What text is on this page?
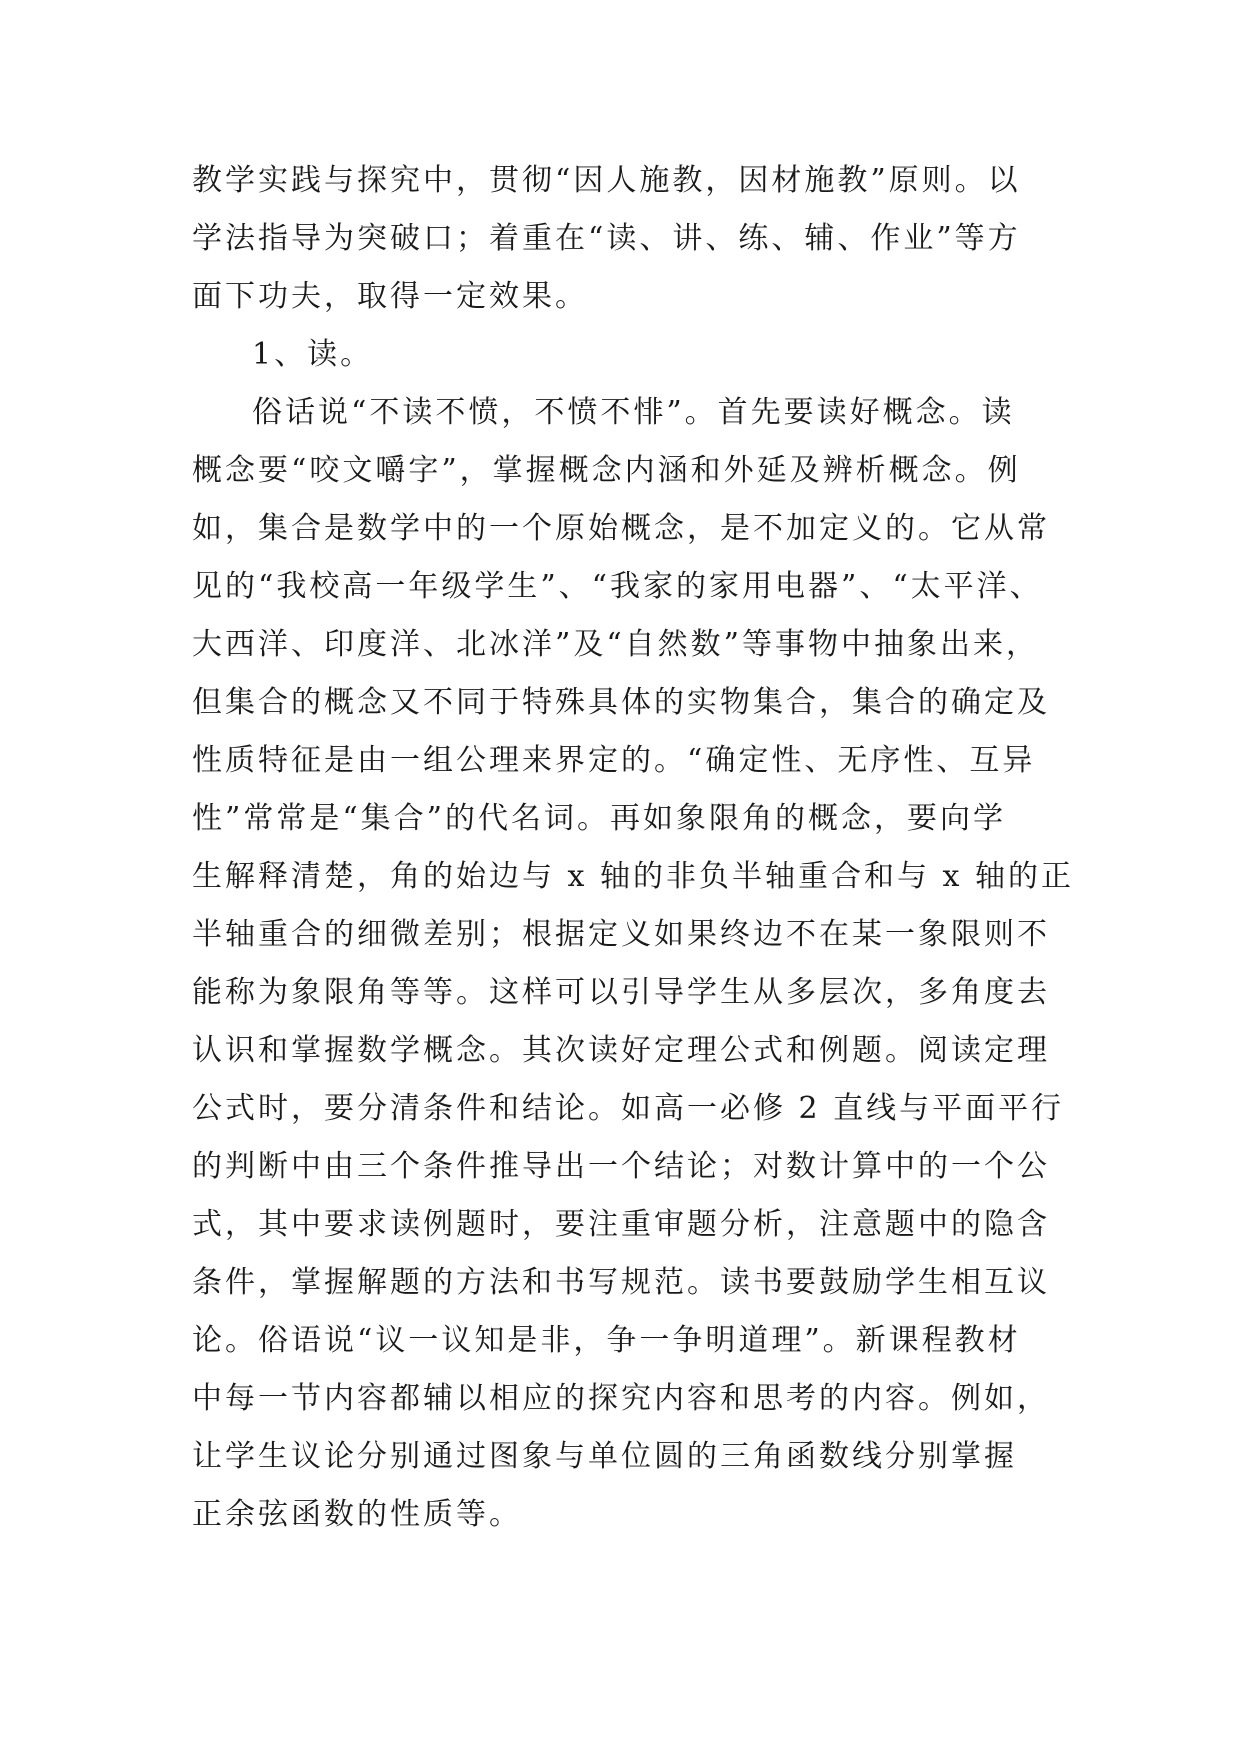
教学实践与探究中，贯彻“因人施教，因材施教”原则。以
学法指导为突破口；着重在“读、讲、练、辅、作业”等方
面下功夫，取得一定效果。
1、读。
俗话说“不读不愤，不愤不悱”。首先要读好概念。读
概念要“咬文嚼字”，掌握概念内涵和外延及辨析概念。例
如，集合是数学中的一个原始概念，是不加定义的。它从常
见的“我校高一年级学生”、“我家的家用电器”、“太平洋、
大西洋、印度洋、北冰洋”及“自然数”等事物中抽象出来，
但集合的概念又不同于特殊具体的实物集合，集合的确定及
性质特征是由一组公理来界定的。“确定性、无序性、互异
性”常常是“集合”的代名词。再如象限角的概念，要向学
生解释清楚，角的始边与 x 轴的非负半轴重合和与 x 轴的正
半轴重合的细微差别；根据定义如果终边不在某一象限则不
能称为象限角等等。这样可以引导学生从多层次，多角度去
认识和掌握数学概念。其次读好定理公式和例题。阅读定理
公式时，要分清条件和结论。如高一必修 2 直线与平面平行
的判断中由三个条件推导出一个结论；对数计算中的一个公
式，其中要求读例题时，要注重审题分析，注意题中的隐含
条件，掌握解题的方法和书写规范。读书要鼓励学生相互议
论。俗语说“议一议知是非，争一争明道理”。新课程教材
中每一节内容都辅以相应的探究内容和思考的内容。例如，
让学生议论分别通过图象与单位圆的三角函数线分别掌握
正余弦函数的性质等。
